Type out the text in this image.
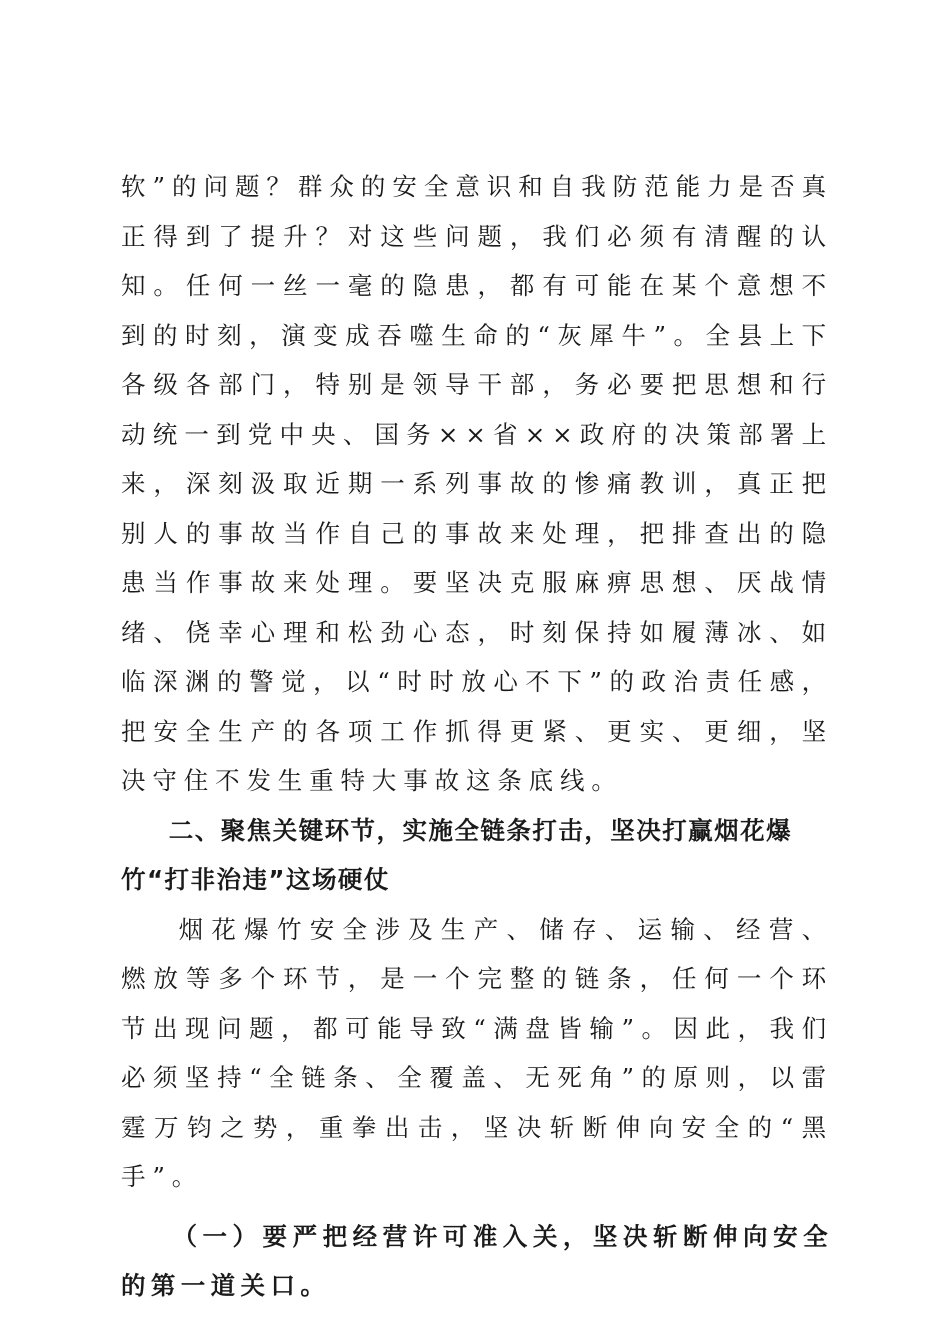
软”的问题？群众的安全意识和自我防范能力是否真正得到了提升？对这些问题，我们必须有清醒的认知。任何一丝一毫的隐患，都有可能在某个意想不到的时刻，演变成吞噬生命的“灰犀牛”。全县上下各级各部门，特别是领导干部，务必要把思想和行动统一到党中央、国务××省××政府的决策部署上来，深刻汲取近期一系列事故的惨痛教训，真正把别人的事故当作自己的事故来处理，把排查出的隐患当作事故来处理。要坚决克服麻痹思想、厌战情绪、侥幸心理和松劲心态，时刻保持如履薄冰、如临深渊的警觉，以“时时放心不下”的政治责任感，把安全生产的各项工作抓得更紧、更实、更细，坚决守住不发生重特大事故这条底线。

二、聚焦关键环节，实施全链条打击，坚决打赢烟花爆竹“打非治违”这场硬仗

烟花爆竹安全涉及生产、储存、运输、经营、燃放等多个环节，是一个完整的链条，任何一个环节出现问题，都可能导致“满盘皆输”。因此，我们必须坚持“全链条、全覆盖、无死角”的原则，以雷霆万钧之势，重拳出击，坚决斩断伸向安全的“黑手”。

（一）要严把经营许可准入关，坚决斩断伸向安全的第一道关口。
